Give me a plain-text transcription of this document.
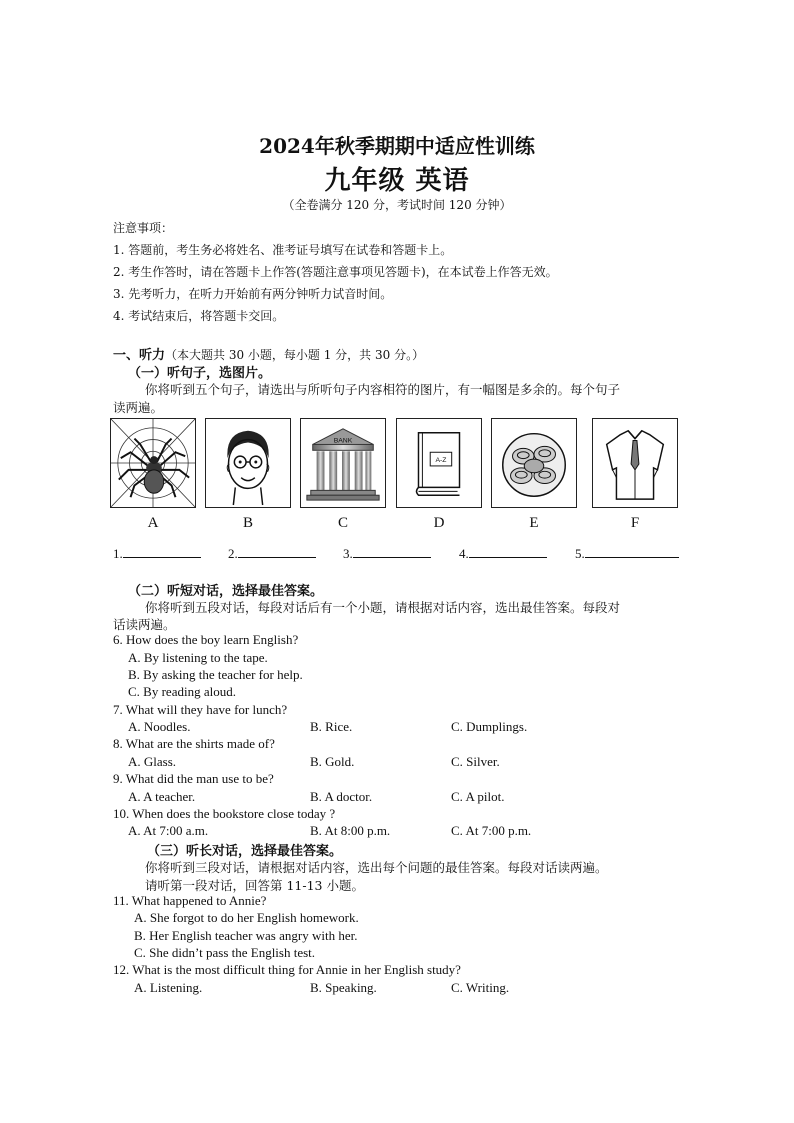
2024年秋季期期中适应性训练
九年级 英语
（全卷满分 120 分，考试时间 120 分钟）
注意事项：
1. 答题前，考生务必将姓名、准考证号填写在试卷和答题卡上。
2. 考生作答时，请在答题卡上作答(答题注意事项见答题卡)，在本试卷上作答无效。
3. 先考听力，在听力开始前有两分钟听力试音时间。
4. 考试结束后，将答题卡交回。
一、听力（本大题共 30 小题，每小题 1 分，共 30 分。）
（一）听句子，选图片。
你将听到五个句子，请选出与所听句子内容相符的图片，有一幅图是多余的。每个句子
读两遍。
BANK
A-Z
A	B	C	D	E	F
1.	2.	3.	4.	5.
（二）听短对话，选择最佳答案。
你将听到五段对话，每段对话后有一个小题，请根据对话内容，选出最佳答案。每段对
话读两遍。
6. How does the boy learn English?
A. By listening to the tape.
B. By asking the teacher for help.
C. By reading aloud.
7. What will they have for lunch?
A. Noodles.	B. Rice.	C. Dumplings.
8. What are the shirts made of?
A. Glass.	B. Gold.	C. Silver.
9. What did the man use to be?
A. A teacher.	B. A doctor.	C. A pilot.
10. When does the bookstore close today ?
A. At 7:00 a.m.	B. At 8:00 p.m.	C. At 7:00 p.m.
（三）听长对话，选择最佳答案。
你将听到三段对话，请根据对话内容，选出每个问题的最佳答案。每段对话读两遍。
请听第一段对话，回答第 11-13 小题。
11. What happened to Annie?
A. She forgot to do her English homework.
B. Her English teacher was angry with her.
C. She didn’t pass the English test.
12. What is the most difficult thing for Annie in her English study?
A. Listening.	B. Speaking.	C. Writing.
